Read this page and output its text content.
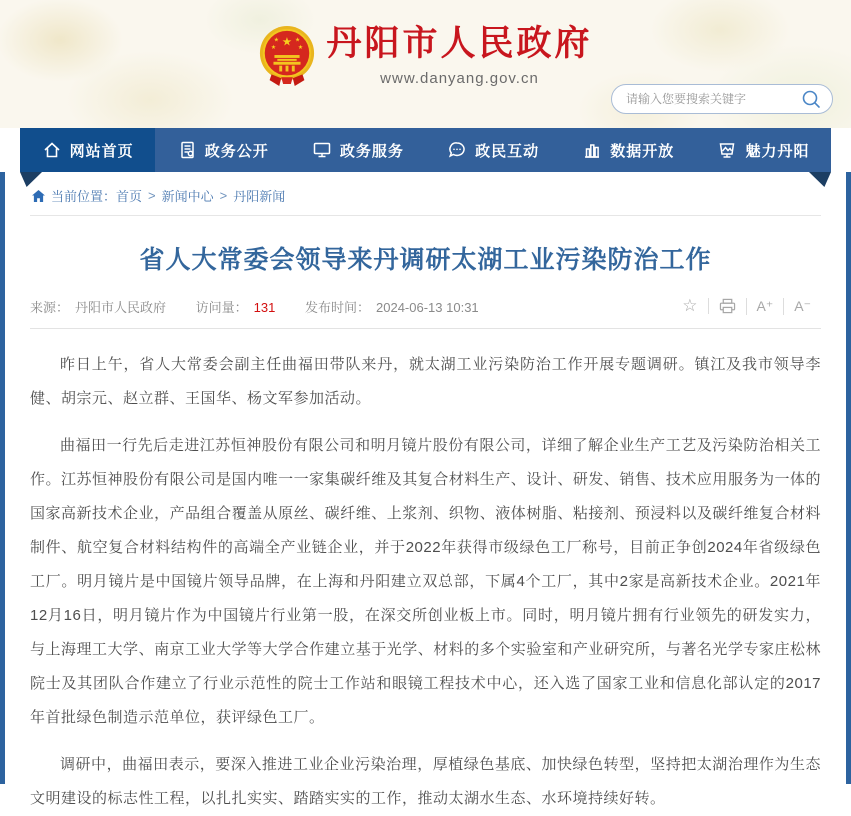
★
★	★
★	★ 丹阳市人民政府
www.danyang.gov.cn
请输入您要搜索关键字
网站首页	政务公开	政务服务	政民互动	数据开放	魅力丹阳
当前位置： 首页 > 新闻中心 > 丹阳新闻
省人大常委会领导来丹调研太湖工业污染防治工作
来源： 丹阳市人民政府 访问量： 131 发布时间： 2024-06-13 10:31	☆	A⁺	A⁻

昨日上午，省人大常委会副主任曲福田带队来丹，就太湖工业污染防治工作开展专题调研。镇江及我市领导李健、胡宗元、赵立群、王国华、杨文军参加活动。

曲福田一行先后走进江苏恒神股份有限公司和明月镜片股份有限公司，详细了解企业生产工艺及污染防治相关工作。江苏恒神股份有限公司是国内唯一一家集碳纤维及其复合材料生产、设计、研发、销售、技术应用服务为一体的国家高新技术企业，产品组合覆盖从原丝、碳纤维、上浆剂、织物、液体树脂、粘接剂、预浸料以及碳纤维复合材料制件、航空复合材料结构件的高端全产业链企业，并于2022年获得市级绿色工厂称号，目前正争创2024年省级绿色工厂。明月镜片是中国镜片领导品牌，在上海和丹阳建立双总部，下属4个工厂，其中2家是高新技术企业。2021年12月16日，明月镜片作为中国镜片行业第一股，在深交所创业板上市。同时，明月镜片拥有行业领先的研发实力，与上海理工大学、南京工业大学等大学合作建立基于光学、材料的多个实验室和产业研究所，与著名光学专家庄松林院士及其团队合作建立了行业示范性的院士工作站和眼镜工程技术中心，还入选了国家工业和信息化部认定的2017年首批绿色制造示范单位，获评绿色工厂。

调研中，曲福田表示，要深入推进工业企业污染治理，厚植绿色基底、加快绿色转型，坚持把太湖治理作为生态文明建设的标志性工程，以扎扎实实、踏踏实实的工作，推动太湖水生态、水环境持续好转。
